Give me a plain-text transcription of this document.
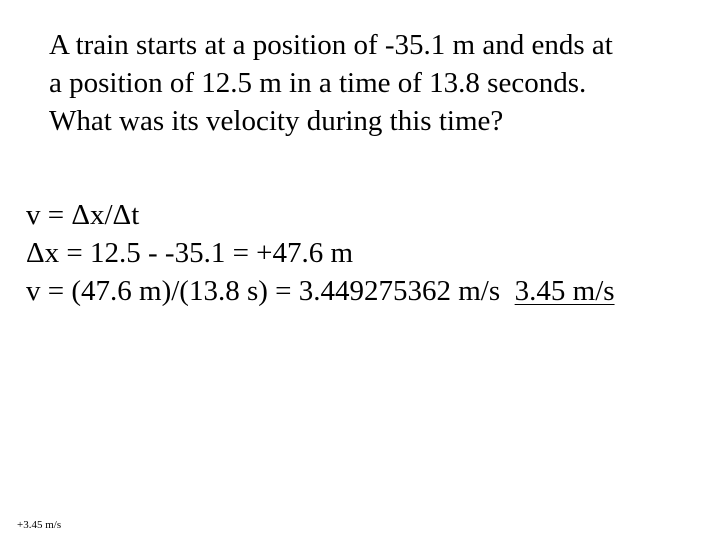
A train starts at a position of -35.1 m and ends at
a position of 12.5 m in a time of 13.8 seconds.
What was its velocity during this time?
v = Δx/Δt
Δx = 12.5 - -35.1 = +47.6 m
v = (47.6 m)/(13.8 s) = 3.449275362 m/s 3.45 m/s
+3.45 m/s
